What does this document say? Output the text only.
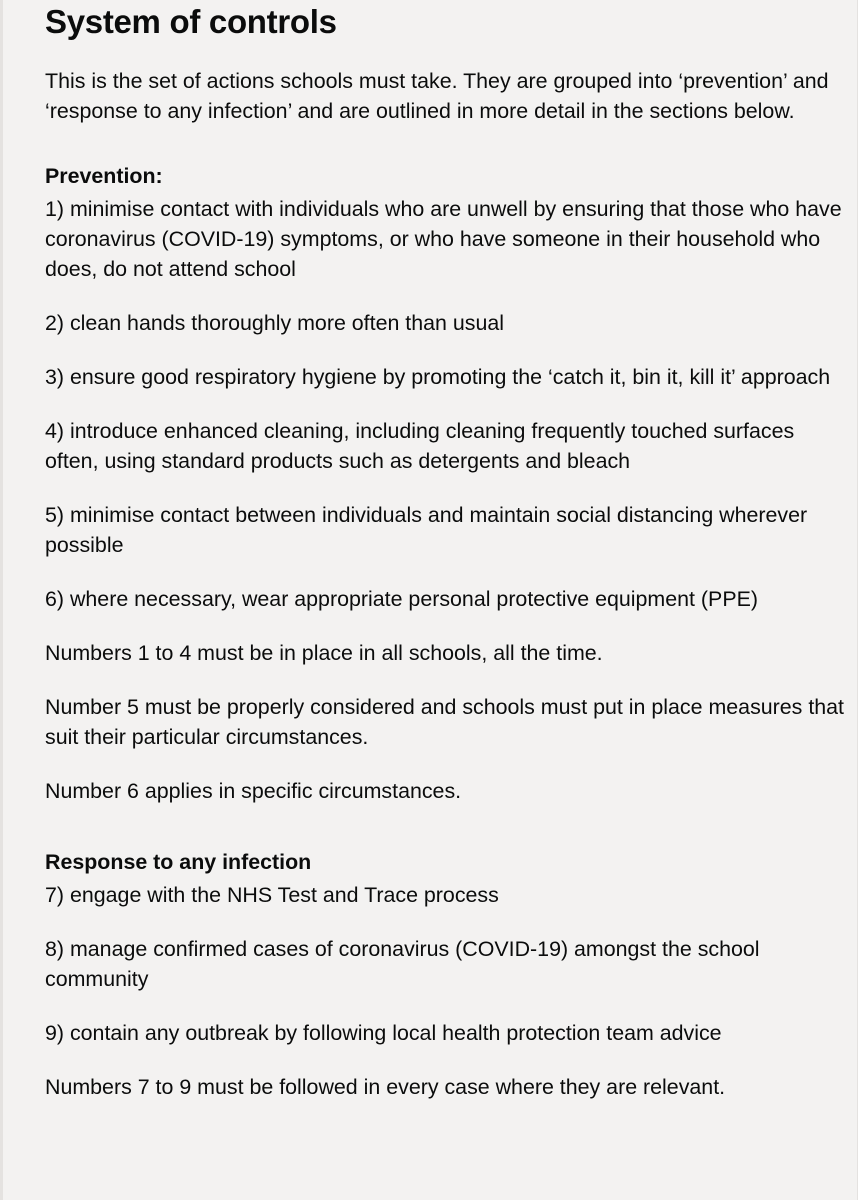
System of controls

This is the set of actions schools must take. They are grouped into ‘prevention’ and ‘response to any infection’ and are outlined in more detail in the sections below.

Prevention:

1) minimise contact with individuals who are unwell by ensuring that those who have coronavirus (COVID-19) symptoms, or who have someone in their household who does, do not attend school

2) clean hands thoroughly more often than usual

3) ensure good respiratory hygiene by promoting the ‘catch it, bin it, kill it’ approach

4) introduce enhanced cleaning, including cleaning frequently touched surfaces often, using standard products such as detergents and bleach

5) minimise contact between individuals and maintain social distancing wherever possible

6) where necessary, wear appropriate personal protective equipment (PPE)

Numbers 1 to 4 must be in place in all schools, all the time.

Number 5 must be properly considered and schools must put in place measures that suit their particular circumstances.

Number 6 applies in specific circumstances.

Response to any infection

7) engage with the NHS Test and Trace process

8) manage confirmed cases of coronavirus (COVID-19) amongst the school community

9) contain any outbreak by following local health protection team advice

Numbers 7 to 9 must be followed in every case where they are relevant.
